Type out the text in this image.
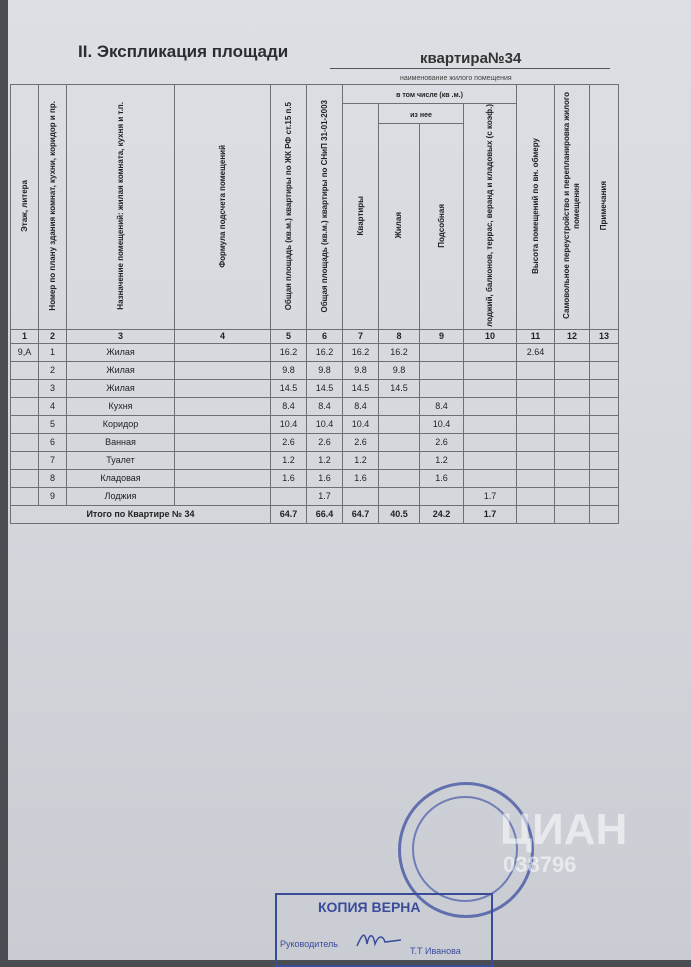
II. Экспликация площади	квартира№34
наименование жилого помещения
Этаж, литера	Номер по плану здания комнат, кухни, коридор и пр.	Назначение помещений: жилая комната, кухня и т.п.	Формула подсчета помещений	Общая площадь (кв.м.) квартиры по ЖК РФ ст.15 п.5	Общая площадь (кв.м.) квартиры по СНиП 31-01-2003	в том числе (кв .м.)				Высота помещений по вн. обмеру	Самовольное переустройство и перепланировка жилого помещения	Примечания
						Квартиры	из нее		лоджий, балконов, террас, веранд и кладовых (с коэф.)			
							Жилая	Подсобная				
1	2	3	4	5	6	7	8	9	10	11	12	13
9,А	1	Жилая		16.2	16.2	16.2	16.2			2.64		
	2	Жилая		9.8	9.8	9.8	9.8					
	3	Жилая		14.5	14.5	14.5	14.5					
	4	Кухня		8.4	8.4	8.4		8.4				
	5	Коридор		10.4	10.4	10.4		10.4				
	6	Ванная		2.6	2.6	2.6		2.6				
	7	Туалет		1.2	1.2	1.2		1.2				
	8	Кладовая		1.6	1.6	1.6		1.6				
	9	Лоджия			1.7				1.7			
Итого по Квартире № 34				64.7	66.4	64.7	40.5	24.2	1.7			
ЦИАН
038796
КОПИЯ ВЕРНА
Руководитель
Т.Т Иванова
